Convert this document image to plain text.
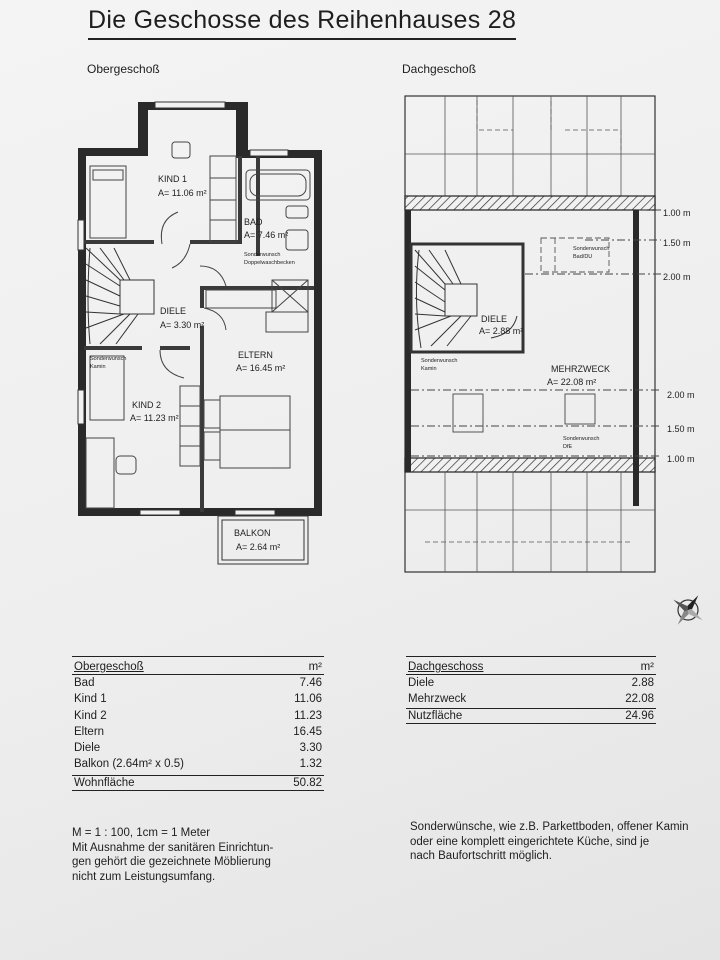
Die Geschosse des Reihenhauses 28
Obergeschoß	Dachgeschoß
KIND 1
A= 11.06 m²
BAD
A= 7.46 m²
Sonderwunsch
Doppelwaschbecken
DIELE
A= 3.30 m²
ELTERN
A= 16.45 m²
Sonderwunsch
Kamin
KIND 2
A= 11.23 m²
BALKON
A= 2.64 m²
Sonderwunsch
Bad/DU
DIELE
A= 2.88 m²
Sonderwunsch
Kamin	MEHRZWECK
A= 22.08 m²
Sonderwunsch
DfE
1.00 m
1.50 m
2.00 m
2.00 m
1.50 m
1.00 m
Obergeschoß	m²
Bad	7.46
Kind 1	11.06
Kind 2	11.23
Eltern	16.45
Diele	3.30
Balkon (2.64m² x 0.5)	1.32
Wohnfläche	50.82
Dachgeschoss	m²
Diele	2.88
Mehrzweck	22.08
Nutzfläche	24.96
M = 1 : 100, 1cm = 1 Meter
Mit Ausnahme der sanitären Einrichtun-
gen gehört die gezeichnete Möblierung
nicht zum Leistungsumfang.
Sonderwünsche, wie z.B. Parkettboden, offener Kamin
oder eine komplett eingerichtete Küche, sind je
nach Baufortschritt möglich.
